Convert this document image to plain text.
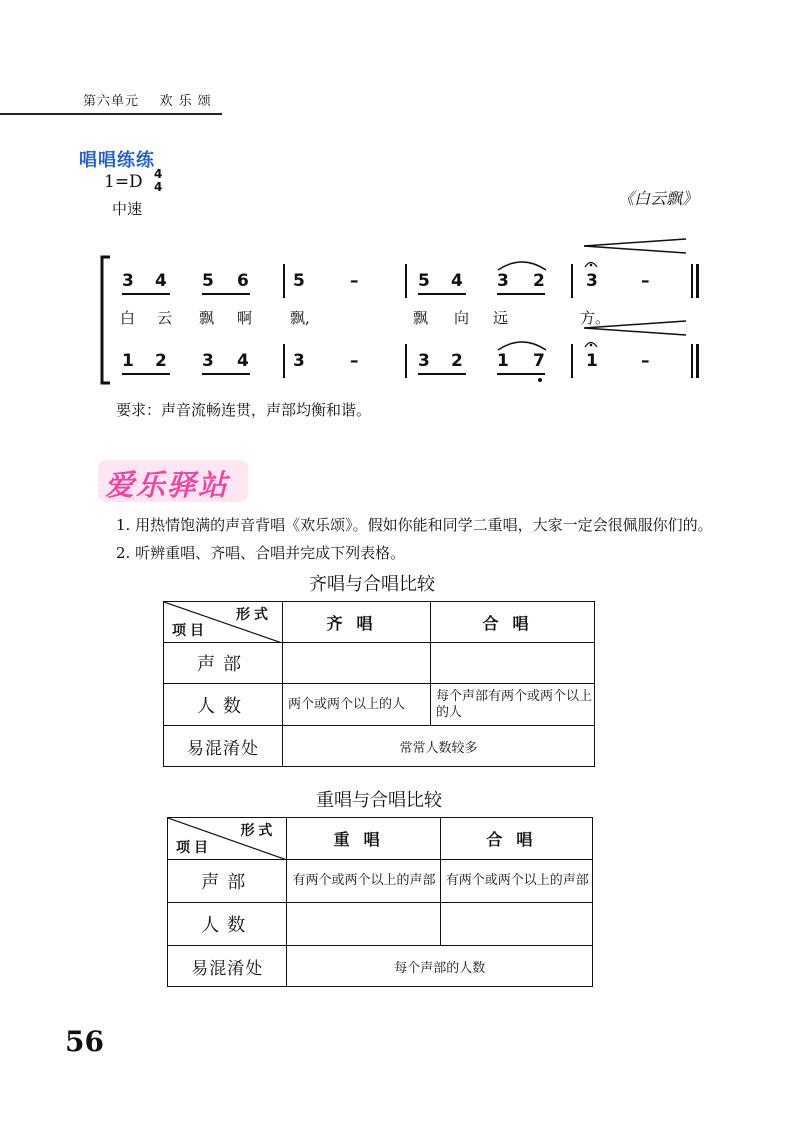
第六单元 欢 乐 颂
唱唱练练
1=D 4
4
中速
《白云飘》
3 4 5 6	5	–	5 4 3 2 3	–
白 云 飘 啊	飘,	飘 向 远	方。
1 2 3 4	3	–	3 2 1 7 1	–
要求：声音流畅连贯，声部均衡和谐。
爱乐驿站
1. 用热情饱满的声音背唱《欢乐颂》。假如你能和同学二重唱，大家一定会很佩服你们的。
2. 听辨重唱、齐唱、合唱并完成下列表格。
齐唱与合唱比较
形式
项目	齐唱	合唱
声部		
人数	两个或两个以上的人	每个声部有两个或两个以上的人
易混淆处	常常人数较多	
重唱与合唱比较
形式
项目	重唱	合唱
声部	有两个或两个以上的声部	有两个或两个以上的声部
人数		
易混淆处	每个声部的人数	
56
